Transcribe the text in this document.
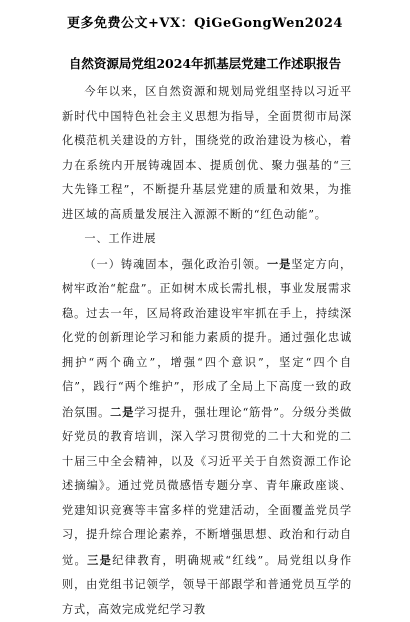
更多免费公文+VX：QiGeGongWen2024
自然资源局党组2024年抓基层党建工作述职报告

今年以来，区自然资源和规划局党组坚持以习近平新时代中国特色社会主义思想为指导，全面贯彻市局深化模范机关建设的方针，围绕党的政治建设为核心，着力在系统内开展铸魂固本、提质创优、聚力强基的“三大先锋工程”，不断提升基层党建的质量和效果，为推进区域的高质量发展注入源源不断的“红色动能”。

一、工作进展

（一）铸魂固本，强化政治引领。一是坚定方向，树牢政治“舵盘”。正如树木成长需扎根，事业发展需求稳。过去一年，区局将政治建设牢牢抓在手上，持续深化党的创新理论学习和能力素质的提升。通过强化忠诚拥护“两个确立”，增强“四个意识”，坚定“四个自信”，践行“两个维护”，形成了全局上下高度一致的政治氛围。二是学习提升，强壮理论“筋骨”。分级分类做好党员的教育培训，深入学习贯彻党的二十大和党的二十届三中全会精神，以及《习近平关于自然资源工作论述摘编》。通过党员微感悟专题分享、青年廉政座谈、党建知识竞赛等丰富多样的党建活动，全面覆盖党员学习，提升综合理论素养，不断增强思想、政治和行动自觉。三是纪律教育，明确规戒“红线”。局党组以身作则，由党组书记领学，领导干部跟学和普通党员互学的方式，高效完成党纪学习教
